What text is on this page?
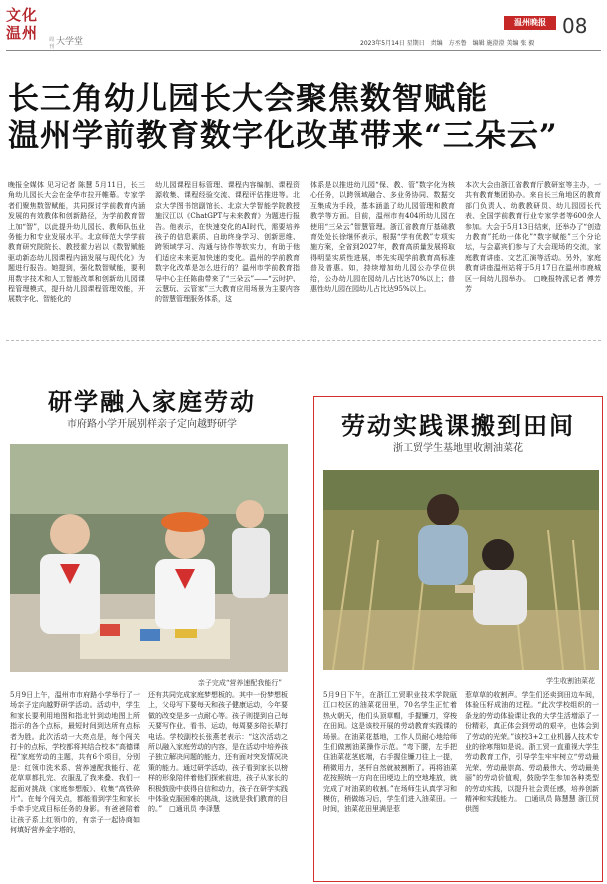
文化
温州	周刊 大学堂
温州晚报 08
2023年5月14日 星期日　责编　方丞鲁　编辑 施澄澄 美编 张 毅
长三角幼儿园长大会聚焦数智赋能
温州学前教育数字化改革带来“三朵云”

晚报全媒体 见习记者 陈慧 5月11日，长三角幼儿园长大会在金华市拉开帷幕。专家学者们聚焦数智赋能，共同探讨学前教育内涵发展的有效教体和创新路径，为学前教育智上加“智”，以此提升幼儿园长、教师队伍业务能力和专业发展水平。北京师范大学学前教育研究院院长、教授霍力岩以《数智赋能驱动新态幼儿园课程内涵发展与现代化》为题进行报告。她提到，强化数智赋能，要利用数字技术和人工智能改革和创新幼儿园课程管理模式，提升幼儿园课程管理效能，开展数字化、智能化的

幼儿园课程目标管理、课程内容编制、课程资源收集、课程经验交流、课程评估推进等。北京大学图书馆副馆长、北京大学智能学院教授施汉江以《ChatGPT与未来教育》为题进行报告。他表示，在快速变化的AI时代，需要培养孩子的信息素质、自助终身学习、创新思维、跨领域学习、沟通与协作等软实力，有助于他们适应未来更加快速的变化。温州的学前教育数字化改革是怎么进行的？温州市学前教育指导中心主任陈曲带来了“三朵云”——“云时护、云慧玩、云管家”三大教育应用场景为主要内容的智慧管理服务体系，这

体系是以推进幼儿园“保、教、管”数字化为核心任务，以跨领域融合、多业务协同、数据交互集成为手段，基本涵盖了幼儿园管理和教育教学等方面。目前，温州市有404所幼儿园在使用“三朵云”智慧管理。浙江省教育厅基础教育处处长徐继怀表示，根据“学有优教”专项实施方案，全省到2027年，教育高质量发展将取得明显实质性进展，率先实现学前教育高标准普及普惠。如，持续增加幼儿园公办学位供给，公办幼儿园在园幼儿占比达70%以上；普惠性幼儿园在园幼儿占比达95%以上。

本次大会由浙江省教育厅教研室等主办，一共有教育集团协办。来自长三角地区的教育部门负责人、幼教教研员、幼儿园园长代表、全国学前教育行业专家学者等600余人参加。大会于5月13日结束，还举办了“创造力教育”托幼一体化”“数字赋能”三个分论坛，与会嘉宾们参与了大会现场的交流，家庭教育讲座、文艺汇演等活动。另外，家庭教育讲座温州站将于5月17日在温州市鹿城区一间幼儿园举办。　□晚报特派记者 傅芳芳

研学融入家庭劳动
市府路小学开展别样亲子定向越野研学
亲子完成“营养速配我能行”

5月9日上午，温州市市府路小学举行了一场亲子定向越野研学活动。活动中，学生和家长要利用地图和指北针到动地图上所指示的各个点标，最短时间到达所有点标者为胜。此次活动一大亮点是，每个闯关打卡的点标，学校都将其结合校本“高德课程”家庭劳动的主题，共有6个项目，分别是：红领巾洗米系、营养速配我能行、花花草草都扎完、衣服乱了我来叠、我们一起面对挑战《家庭参想版》、收集“高铁碎片”。在每个闯关点，都能看到学生和家长手牵手完成目标任务的身影。有爸爸陪着让孩子系上红领巾的，有亲子一起协商如何填好营养金字塔的，

还有共同完成家庭梦想板的。其中一份梦想板上，父母写下要每天和孩子健康运动，今年要做的改变是多一点耐心等。孩子则提到自己每天要写作业、看书、运动，每周要多陪长辈打电话。学校副校长张燕老表示：“这次活动之所以融入家庭劳动的内容，是在活动中培养孩子独立解决问题的能力，还有面对突发情况决策的能力。通过研学活动，孩子看到家长以榜样的形象陪伴着他们探索前进，孩子从家长的积极鼓励中获得自信和动力，孩子在研学实践中体验克服困难的挑战，这就是我们教育的目的。”　□通讯员 李泽慧

劳动实践课搬到田间
浙工贸学生基地里收割油菜花
学生收割油菜花

5月9日下午，在浙江工贸职业技术学院瓯江口校区的油菜花田里，70名学生正忙着热火朝天，他们头顶草帽，手握镰刀，穿梭在田间。这是该校开展的劳动教育实践课的场景。在油菜花基地，工作人员耐心地给师生们做割油菜操作示范。“弯下腰，左手把住油菜花茎底端，右手握住镰刀往上一提，稍微用力，茎杆自然就被割断了。再将油菜花按照统一方向在田埂边上的空地堆放，就完成了对油菜的收割。”在场师生认真学习和模仿，稍做练习后，学生们进入油菜田。一时间，油菜花田里满是惹

惹草草的收割声。学生们还卖到田边车间，体验压籽成油的过程。“此次学校组织的一条龙的劳动体验课让我的大学生活增添了一份精彩，真正体会到劳动的艰辛，也体会到了劳动的光荣。”该校3+2工业机器人技术专业的徐寒翔如是说。浙工贸一直重视大学生劳动教育工作，引导学生牢牢树立“劳动最光荣、劳动最崇高、劳动最伟大、劳动最美丽”的劳动价值观，鼓励学生参加各种类型的劳动实践，以提升社会责任感，培养创新精神和实践能力。　□通讯员 陈慧慧 浙江贸供图
